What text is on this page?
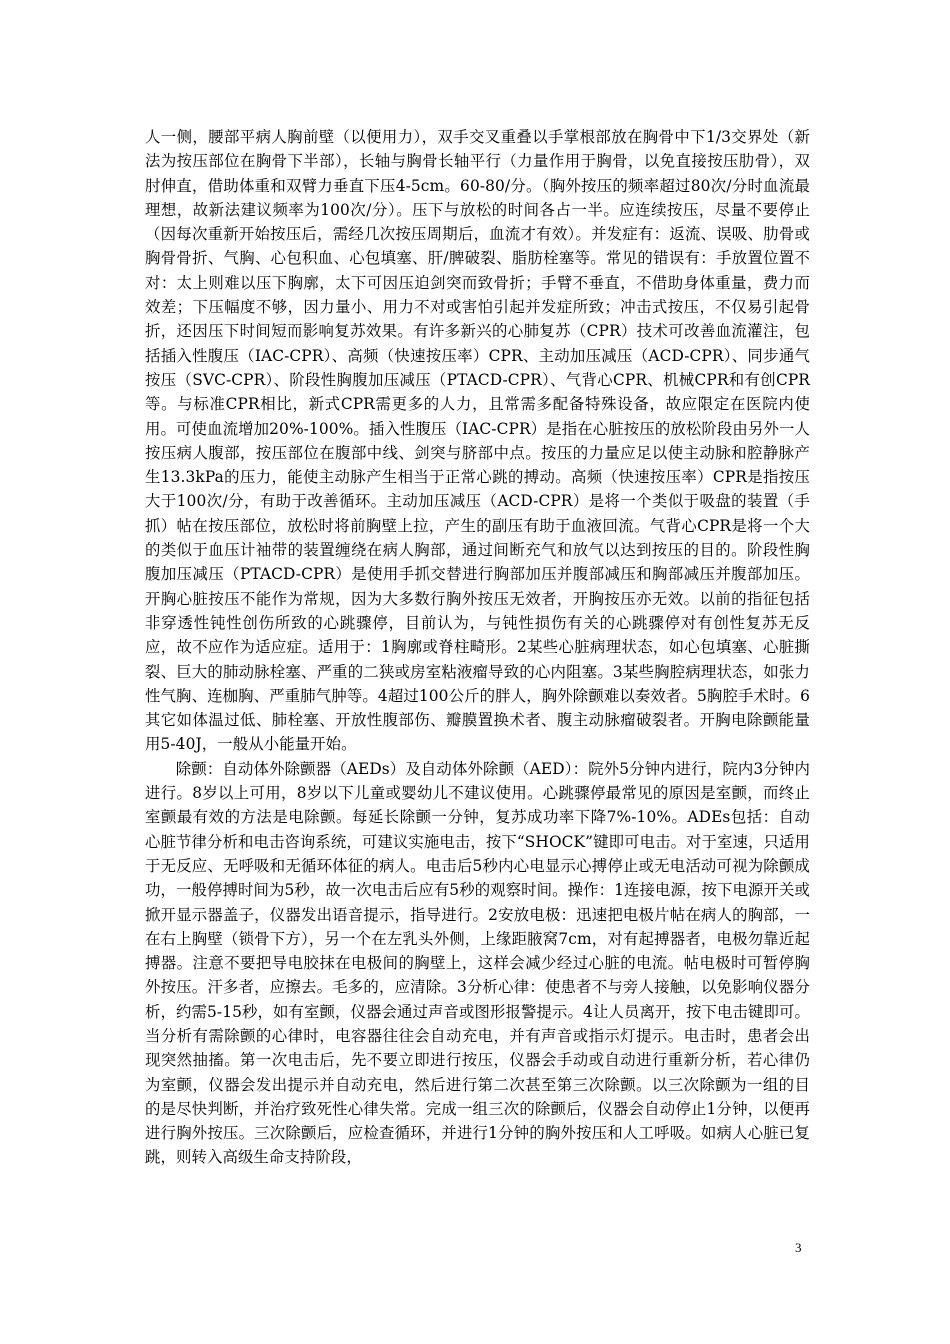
人一侧，腰部平病人胸前壁（以便用力），双手交叉重叠以手掌根部放在胸骨中下1/3交界处（新法为按压部位在胸骨下半部），长轴与胸骨长轴平行（力量作用于胸骨，以免直接按压肋骨），双肘伸直，借助体重和双臂力垂直下压4-5cm。60-80/分。（胸外按压的频率超过80次/分时血流最理想，故新法建议频率为100次/分）。压下与放松的时间各占一半。应连续按压，尽量不要停止（因每次重新开始按压后，需经几次按压周期后，血流才有效）。并发症有：返流、误吸、肋骨或胸骨骨折、气胸、心包积血、心包填塞、肝/脾破裂、脂肪栓塞等。常见的错误有：手放置位置不对：太上则难以压下胸廓，太下可因压迫剑突而致骨折；手臂不垂直，不借助身体重量，费力而效差；下压幅度不够，因力量小、用力不对或害怕引起并发症所致；冲击式按压，不仅易引起骨折，还因压下时间短而影响复苏效果。有许多新兴的心肺复苏（CPR）技术可改善血流灌注，包括插入性腹压（IAC-CPR）、高频（快速按压率）CPR、主动加压减压（ACD-CPR）、同步通气按压（SVC-CPR）、阶段性胸腹加压减压（PTACD-CPR）、气背心CPR、机械CPR和有创CPR等。与标准CPR相比，新式CPR需更多的人力，且常需多配备特殊设备，故应限定在医院内使用。可使血流增加20%-100%。插入性腹压（IAC-CPR）是指在心脏按压的放松阶段由另外一人按压病人腹部，按压部位在腹部中线、剑突与脐部中点。按压的力量应足以使主动脉和腔静脉产生13.3kPa的压力，能使主动脉产生相当于正常心跳的搏动。高频（快速按压率）CPR是指按压大于100次/分，有助于改善循环。主动加压减压（ACD-CPR）是将一个类似于吸盘的装置（手抓）帖在按压部位，放松时将前胸壁上拉，产生的副压有助于血液回流。气背心CPR是将一个大的类似于血压计袖带的装置缠绕在病人胸部，通过间断充气和放气以达到按压的目的。阶段性胸腹加压减压（PTACD-CPR）是使用手抓交替进行胸部加压并腹部减压和胸部减压并腹部加压。开胸心脏按压不能作为常规，因为大多数行胸外按压无效者，开胸按压亦无效。以前的指征包括非穿透性钝性创伤所致的心跳骤停，目前认为，与钝性损伤有关的心跳骤停对有创性复苏无反应，故不应作为适应症。适用于：1胸廓或脊柱畸形。2某些心脏病理状态，如心包填塞、心脏撕裂、巨大的肺动脉栓塞、严重的二狭或房室粘液瘤导致的心内阻塞。3某些胸腔病理状态，如张力性气胸、连枷胸、严重肺气肿等。4超过100公斤的胖人，胸外除颤难以奏效者。5胸腔手术时。6其它如体温过低、肺栓塞、开放性腹部伤、瓣膜置换术者、腹主动脉瘤破裂者。开胸电除颤能量用5-40J，一般从小能量开始。

除颤：自动体外除颤器（AEDs）及自动体外除颤（AED）：院外5分钟内进行，院内3分钟内进行。8岁以上可用，8岁以下儿童或婴幼儿不建议使用。心跳骤停最常见的原因是室颤，而终止室颤最有效的方法是电除颤。每延长除颤一分钟，复苏成功率下降7%-10%。ADEs包括：自动心脏节律分析和电击咨询系统，可建议实施电击，按下“SHOCK”键即可电击。对于室速，只适用于无反应、无呼吸和无循环体征的病人。电击后5秒内心电显示心搏停止或无电活动可视为除颤成功，一般停搏时间为5秒，故一次电击后应有5秒的观察时间。操作：1连接电源，按下电源开关或掀开显示器盖子，仪器发出语音提示，指导进行。2安放电极：迅速把电极片帖在病人的胸部，一在右上胸壁（锁骨下方），另一个在左乳头外侧，上缘距腋窝7cm，对有起搏器者，电极勿靠近起搏器。注意不要把导电胶抹在电极间的胸壁上，这样会减少经过心脏的电流。帖电极时可暂停胸外按压。汗多者，应擦去。毛多的，应清除。3分析心律：使患者不与旁人接触，以免影响仪器分析，约需5-15秒，如有室颤，仪器会通过声音或图形报警提示。4让人员离开，按下电击键即可。当分析有需除颤的心律时，电容器往往会自动充电，并有声音或指示灯提示。电击时，患者会出现突然抽搐。第一次电击后，先不要立即进行按压，仪器会手动或自动进行重新分析，若心律仍为室颤，仪器会发出提示并自动充电，然后进行第二次甚至第三次除颤。以三次除颤为一组的目的是尽快判断，并治疗致死性心律失常。完成一组三次的除颤后，仪器会自动停止1分钟，以便再进行胸外按压。三次除颤后，应检查循环，并进行1分钟的胸外按压和人工呼吸。如病人心脏已复跳，则转入高级生命支持阶段，

3
